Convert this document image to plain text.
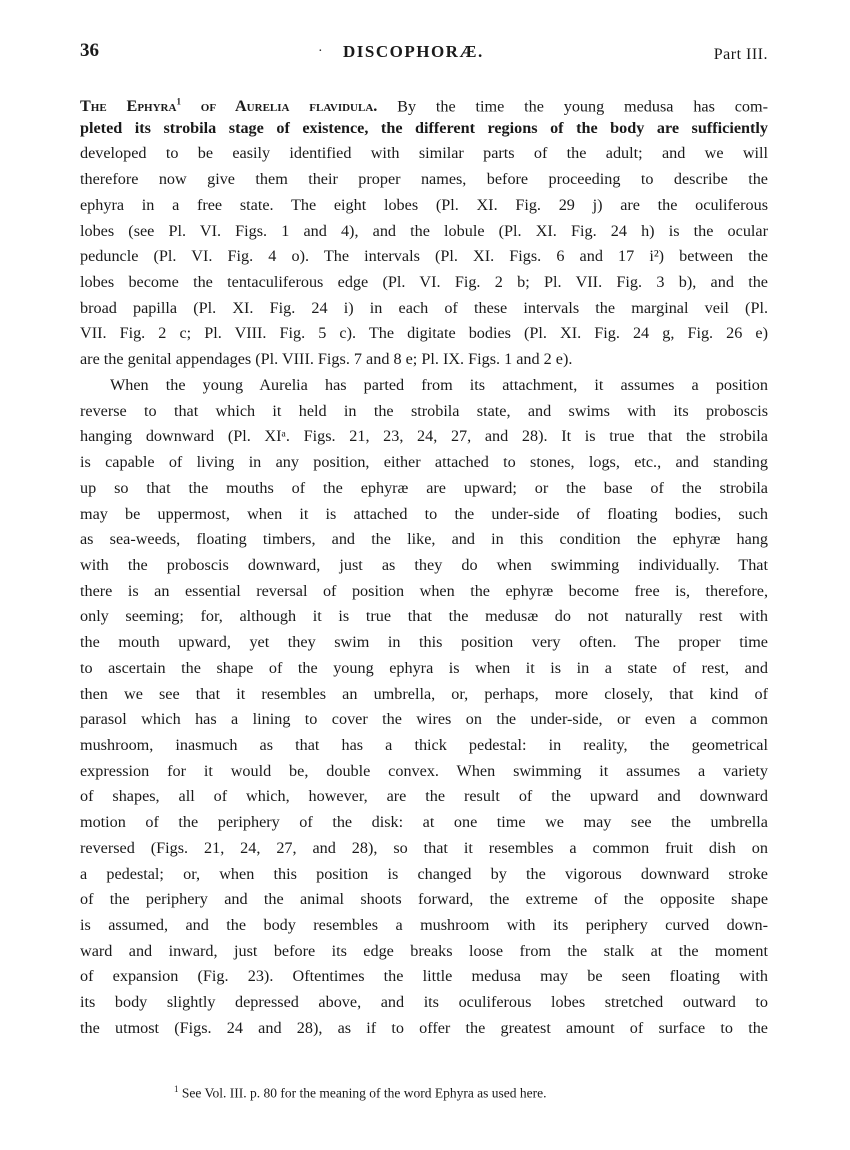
36	· DISCOPHORÆ.	Part III.
The Ephyra$^1$ of Aurelia flavidula. By the time the young medusa has com-
pleted its strobila stage of existence, the different regions of the body are sufficiently
developed to be easily identified with similar parts of the adult; and we will
therefore now give them their proper names, before proceeding to describe the
ephyra in a free state. The eight lobes (Pl. XI. Fig. 29 j) are the oculiferous
lobes (see Pl. VI. Figs. 1 and 4), and the lobule (Pl. XI. Fig. 24 h) is the ocular
peduncle (Pl. VI. Fig. 4 o). The intervals (Pl. XI. Figs. 6 and 17 i²) between the
lobes become the tentaculiferous edge (Pl. VI. Fig. 2 b; Pl. VII. Fig. 3 b), and the
broad papilla (Pl. XI. Fig. 24 i) in each of these intervals the marginal veil (Pl.
VII. Fig. 2 c; Pl. VIII. Fig. 5 c). The digitate bodies (Pl. XI. Fig. 24 g, Fig. 26 e)
are the genital appendages (Pl. VIII. Figs. 7 and 8 e; Pl. IX. Figs. 1 and 2 e).
When the young Aurelia has parted from its attachment, it assumes a position
reverse to that which it held in the strobila state, and swims with its proboscis
hanging downward (Pl. XIᵃ. Figs. 21, 23, 24, 27, and 28). It is true that the strobila
is capable of living in any position, either attached to stones, logs, etc., and standing
up so that the mouths of the ephyræ are upward; or the base of the strobila
may be uppermost, when it is attached to the under-side of floating bodies, such
as sea-weeds, floating timbers, and the like, and in this condition the ephyræ hang
with the proboscis downward, just as they do when swimming individually. That
there is an essential reversal of position when the ephyræ become free is, therefore,
only seeming; for, although it is true that the medusæ do not naturally rest with
the mouth upward, yet they swim in this position very often. The proper time
to ascertain the shape of the young ephyra is when it is in a state of rest, and
then we see that it resembles an umbrella, or, perhaps, more closely, that kind of
parasol which has a lining to cover the wires on the under-side, or even a common
mushroom, inasmuch as that has a thick pedestal: in reality, the geometrical
expression for it would be, double convex. When swimming it assumes a variety
of shapes, all of which, however, are the result of the upward and downward
motion of the periphery of the disk: at one time we may see the umbrella
reversed (Figs. 21, 24, 27, and 28), so that it resembles a common fruit dish on
a pedestal; or, when this position is changed by the vigorous downward stroke
of the periphery and the animal shoots forward, the extreme of the opposite shape
is assumed, and the body resembles a mushroom with its periphery curved down-
ward and inward, just before its edge breaks loose from the stalk at the moment
of expansion (Fig. 23). Oftentimes the little medusa may be seen floating with
its body slightly depressed above, and its oculiferous lobes stretched outward to
the utmost (Figs. 24 and 28), as if to offer the greatest amount of surface to the
$^1$ See Vol. III. p. 80 for the meaning of the word Ephyra as used here.
